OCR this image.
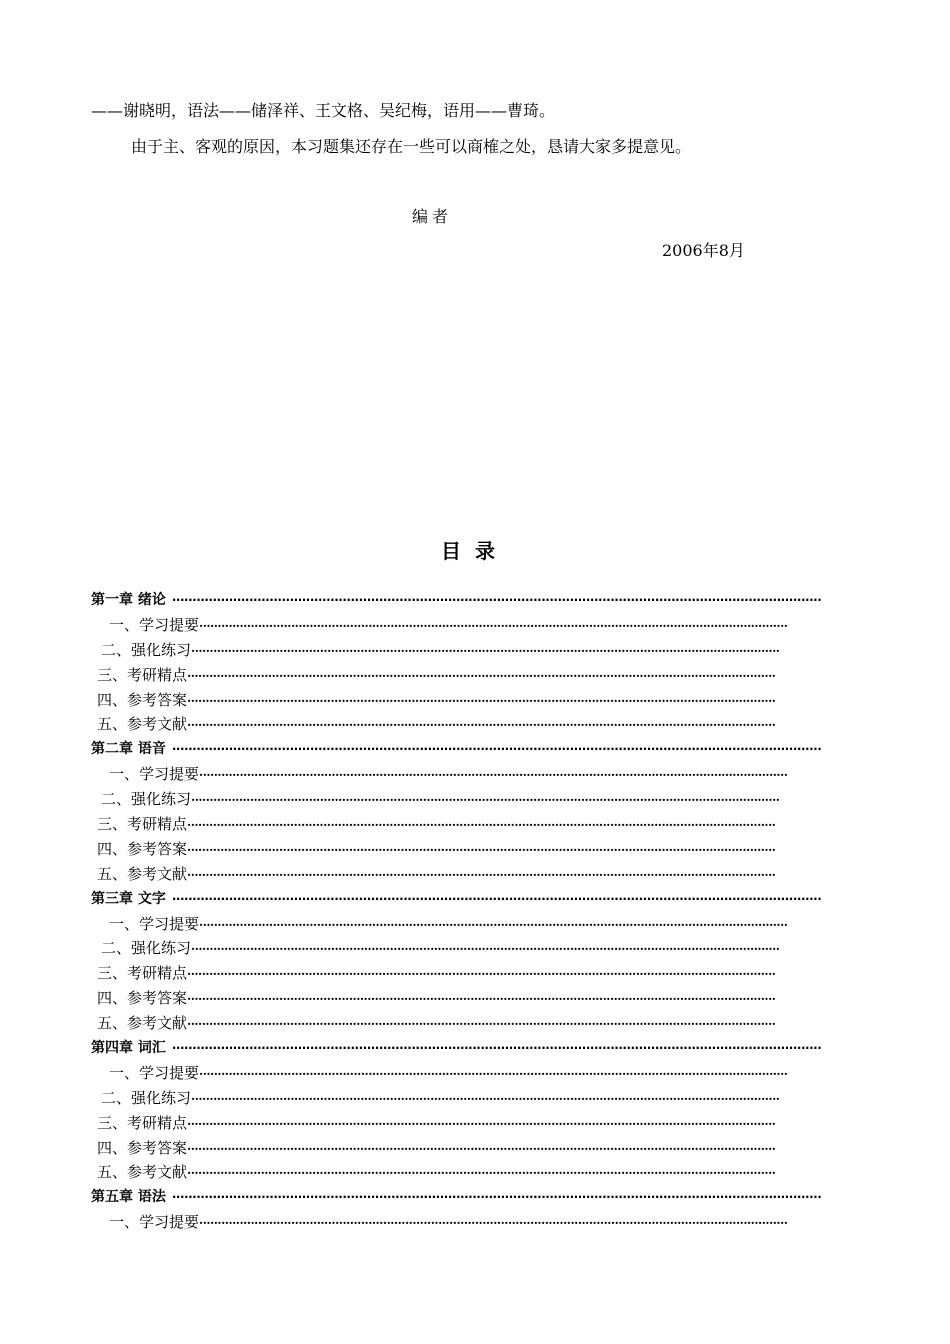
——谢晓明，语法——储泽祥、王文格、吴纪梅，语用——曹琦。
由于主、客观的原因，本习题集还存在一些可以商榷之处，恳请大家多提意见。
编者
2006年8月
目录
第一章 绪论 ································································································································································
一、学习提要 ································································································································································
二、强化练习 ································································································································································
三、考研精点 ································································································································································
四、参考答案 ································································································································································
五、参考文献 ································································································································································
第二章 语音 ································································································································································
一、学习提要 ································································································································································
二、强化练习 ································································································································································
三、考研精点 ································································································································································
四、参考答案 ································································································································································
五、参考文献 ································································································································································
第三章 文字 ································································································································································
一、学习提要 ································································································································································
二、强化练习 ································································································································································
三、考研精点 ································································································································································
四、参考答案 ································································································································································
五、参考文献 ································································································································································
第四章 词汇 ································································································································································
一、学习提要 ································································································································································
二、强化练习 ································································································································································
三、考研精点 ································································································································································
四、参考答案 ································································································································································
五、参考文献 ································································································································································
第五章 语法 ································································································································································
一、学习提要 ································································································································································
